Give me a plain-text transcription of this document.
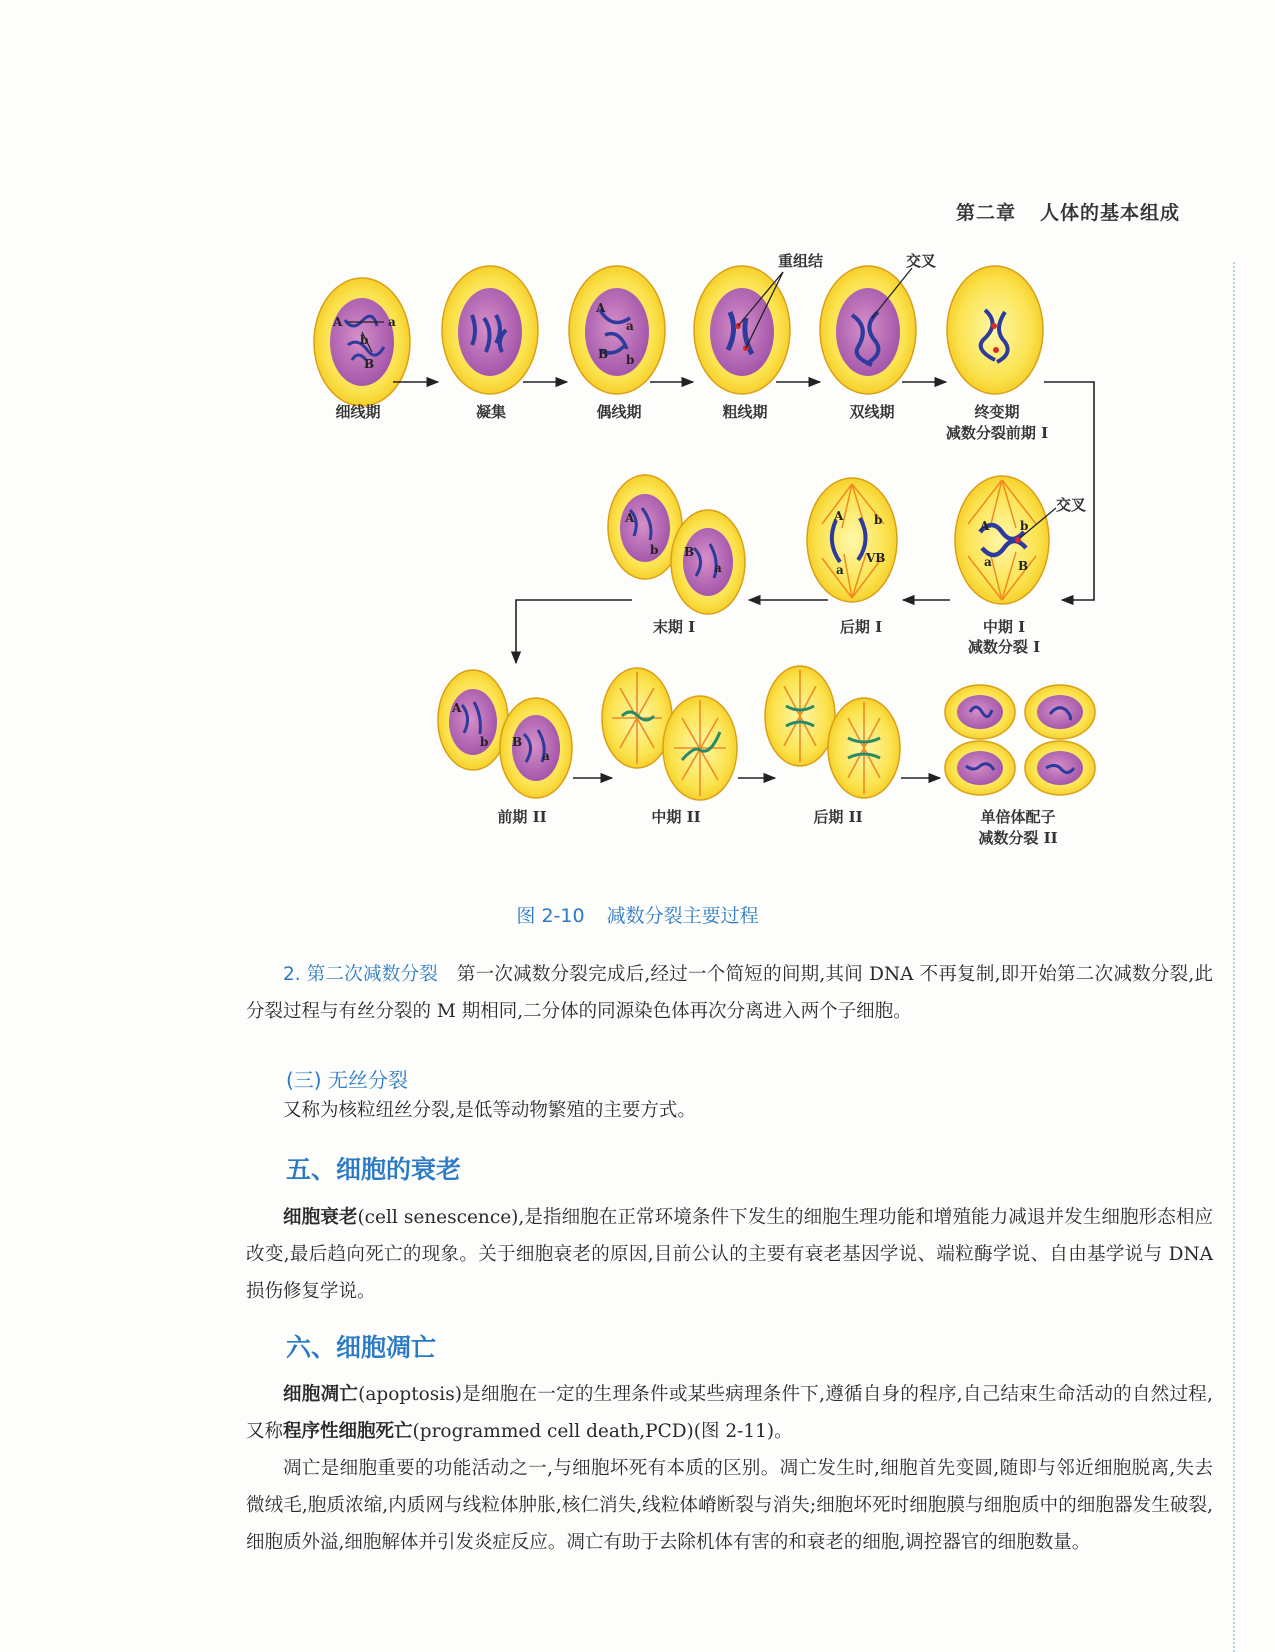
第二章 人体的基本组成
A	a
b
B
A
a
B b
重组结	交叉
细线期	凝集	偶线期	粗线期	双线期	终变期
减数分裂前期 I
A
b B
a
A	b
a
VB
A	b
a B
交叉
末期 I	后期 I	中期 I
减数分裂 I
A
b B
a
前期 II	中期 II	后期 II	单倍体配子
减数分裂 II
图 2-10 减数分裂主要过程

2. 第二次减数分裂　 第一次减数分裂完成后,经过一个简短的间期,其间 DNA 不再复制,即开始第二次减数分裂,此分裂过程与有丝分裂的 M 期相同,二分体的同源染色体再次分离进入两个子细胞。

(三) 无丝分裂

又称为核粒纽丝分裂,是低等动物繁殖的主要方式。

五、细胞的衰老

细胞衰老(cell senescence),是指细胞在正常环境条件下发生的细胞生理功能和增殖能力减退并发生细胞形态相应改变,最后趋向死亡的现象。关于细胞衰老的原因,目前公认的主要有衰老基因学说、端粒酶学说、自由基学说与 DNA 损伤修复学说。

六、细胞凋亡

细胞凋亡(apoptosis)是细胞在一定的生理条件或某些病理条件下,遵循自身的程序,自己结束生命活动的自然过程,又称程序性细胞死亡(programmed cell death,PCD)(图 2-11)。

凋亡是细胞重要的功能活动之一,与细胞坏死有本质的区别。凋亡发生时,细胞首先变圆,随即与邻近细胞脱离,失去微绒毛,胞质浓缩,内质网与线粒体肿胀,核仁消失,线粒体嵴断裂与消失;细胞坏死时细胞膜与细胞质中的细胞器发生破裂,细胞质外溢,细胞解体并引发炎症反应。凋亡有助于去除机体有害的和衰老的细胞,调控器官的细胞数量。
